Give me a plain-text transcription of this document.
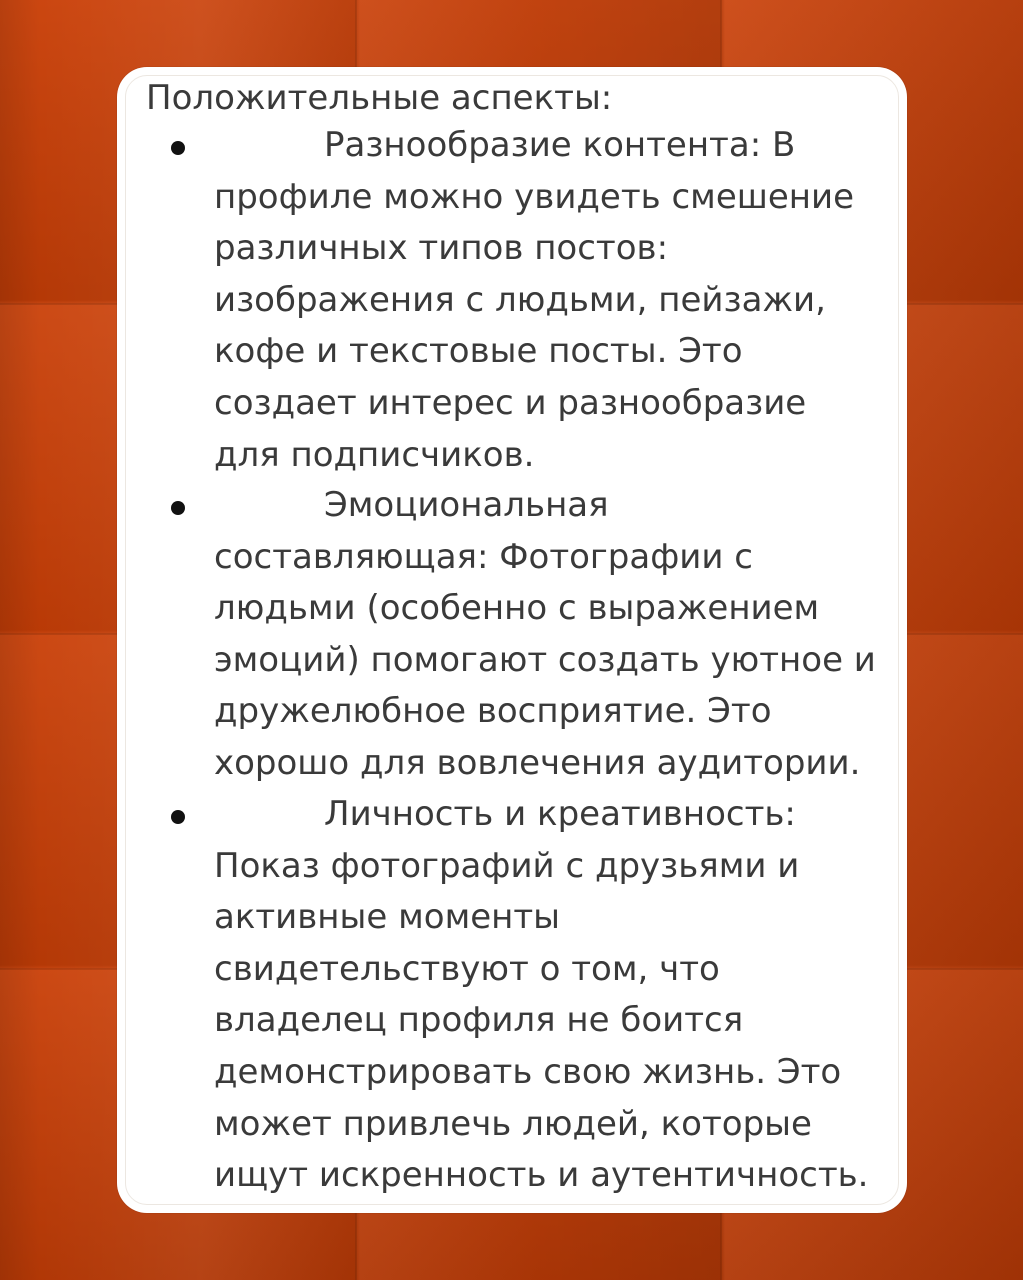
Положительные аспекты:

Разнообразие контента: В профиле можно увидеть смешение различных типов постов: изображения с людьми, пейзажи, кофе и текстовые посты. Это создает интерес и разнообразие для подписчиков.

Эмоциональная составляющая: Фотографии с людьми (особенно с выражением эмоций) помогают создать уютное и дружелюбное восприятие. Это хорошо для вовлечения аудитории.

Личность и креативность: Показ фотографий с друзьями и активные моменты свидетельствуют о том, что владелец профиля не боится демонстрировать свою жизнь. Это может привлечь людей, которые ищут искренность и аутентичность.
